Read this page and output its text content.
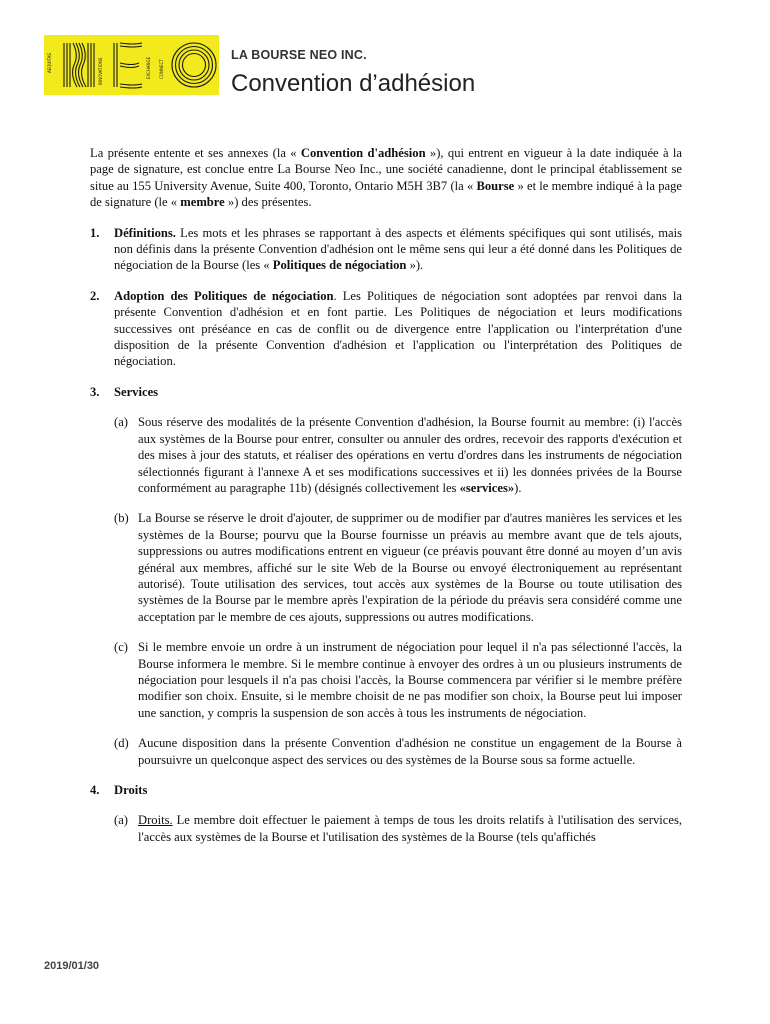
AEQUITAS	INNOVATIONS	EXCHANGE CONNECT
LA BOURSE NEO INC.
Convention d’adhésion

La présente entente et ses annexes (la « Convention d'adhésion »), qui entrent en vigueur à la date indiquée à la page de signature, est conclue entre La Bourse Neo Inc., une société canadienne, dont le principal établissement se situe au 155 University Avenue, Suite 400, Toronto, Ontario M5H 3B7 (la « Bourse » et le membre indiqué à la page de signature (le « membre ») des présentes.

1. Définitions. Les mots et les phrases se rapportant à des aspects et éléments spécifiques qui sont utilisés, mais non définis dans la présente Convention d'adhésion ont le même sens qui leur a été donné dans les Politiques de négociation de la Bourse (les « Politiques de négociation »).

2. Adoption des Politiques de négociation. Les Politiques de négociation sont adoptées par renvoi dans la présente Convention d'adhésion et en font partie. Les Politiques de négociation et leurs modifications successives ont préséance en cas de conflit ou de divergence entre l'application ou l'interprétation d'une disposition de la présente Convention d'adhésion et l'application ou l'interprétation des Politiques de négociation.

3. Services

(a) Sous réserve des modalités de la présente Convention d'adhésion, la Bourse fournit au membre: (i) l'accès aux systèmes de la Bourse pour entrer, consulter ou annuler des ordres, recevoir des rapports d'exécution et des mises à jour des statuts, et réaliser des opérations en vertu d'ordres dans les instruments de négociation sélectionnés figurant à l'annexe A et ses modifications successives et ii) les données privées de la Bourse conformément au paragraphe 11b) (désignés collectivement les «services»).

(b) La Bourse se réserve le droit d'ajouter, de supprimer ou de modifier par d'autres manières les services et les systèmes de la Bourse; pourvu que la Bourse fournisse un préavis au membre avant que de tels ajouts, suppressions ou autres modifications entrent en vigueur (ce préavis pouvant être donné au moyen d’un avis général aux membres, affiché sur le site Web de la Bourse ou envoyé électroniquement au représentant autorisé). Toute utilisation des services, tout accès aux systèmes de la Bourse ou toute utilisation des systèmes de la Bourse par le membre après l'expiration de la période du préavis sera considéré comme une acceptation par le membre de ces ajouts, suppressions ou autres modifications.

(c) Si le membre envoie un ordre à un instrument de négociation pour lequel il n'a pas sélectionné l'accès, la Bourse informera le membre. Si le membre continue à envoyer des ordres à un ou plusieurs instruments de négociation pour lesquels il n'a pas choisi l'accès, la Bourse commencera par vérifier si le membre préfère modifier son choix. Ensuite, si le membre choisit de ne pas modifier son choix, la Bourse peut lui imposer une sanction, y compris la suspension de son accès à tous les instruments de négociation.

(d) Aucune disposition dans la présente Convention d'adhésion ne constitue un engagement de la Bourse à poursuivre un quelconque aspect des services ou des systèmes de la Bourse sous sa forme actuelle.

4. Droits

(a) Droits. Le membre doit effectuer le paiement à temps de tous les droits relatifs à l'utilisation des services, l'accès aux systèmes de la Bourse et l'utilisation des systèmes de la Bourse (tels qu'affichés

2019/01/30
